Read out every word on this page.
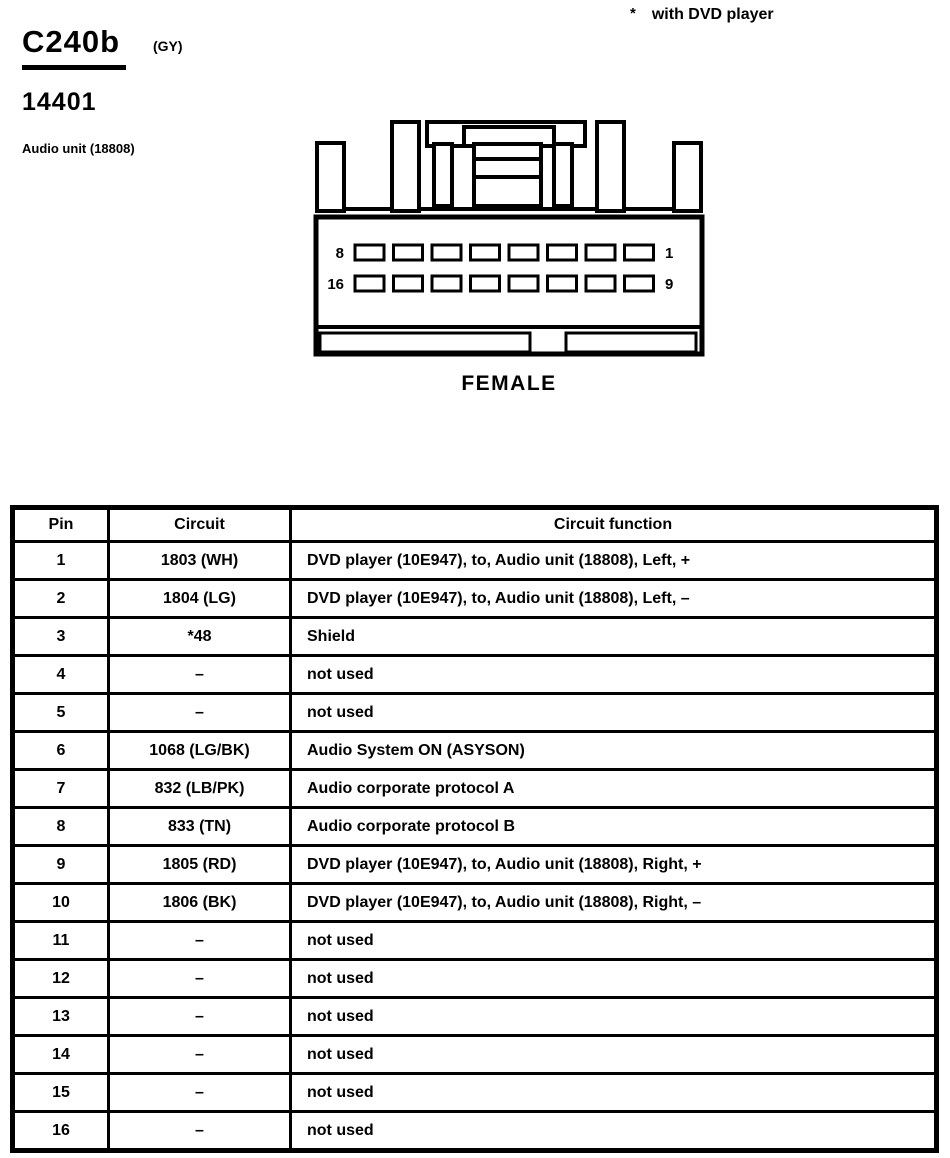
C240b	(GY)
14401
Audio unit (18808)
* with DVD player
8	1
16	9
FEMALE
Pin	Circuit	Circuit function
1	1803 (WH)	DVD player (10E947), to, Audio unit (18808), Left, +
2	1804 (LG)	DVD player (10E947), to, Audio unit (18808), Left, –
3	*48	Shield
4	–	not used
5	–	not used
6	1068 (LG/BK)	Audio System ON (ASYSON)
7	832 (LB/PK)	Audio corporate protocol A
8	833 (TN)	Audio corporate protocol B
9	1805 (RD)	DVD player (10E947), to, Audio unit (18808), Right, +
10	1806 (BK)	DVD player (10E947), to, Audio unit (18808), Right, –
11	–	not used
12	–	not used
13	–	not used
14	–	not used
15	–	not used
16	–	not used
